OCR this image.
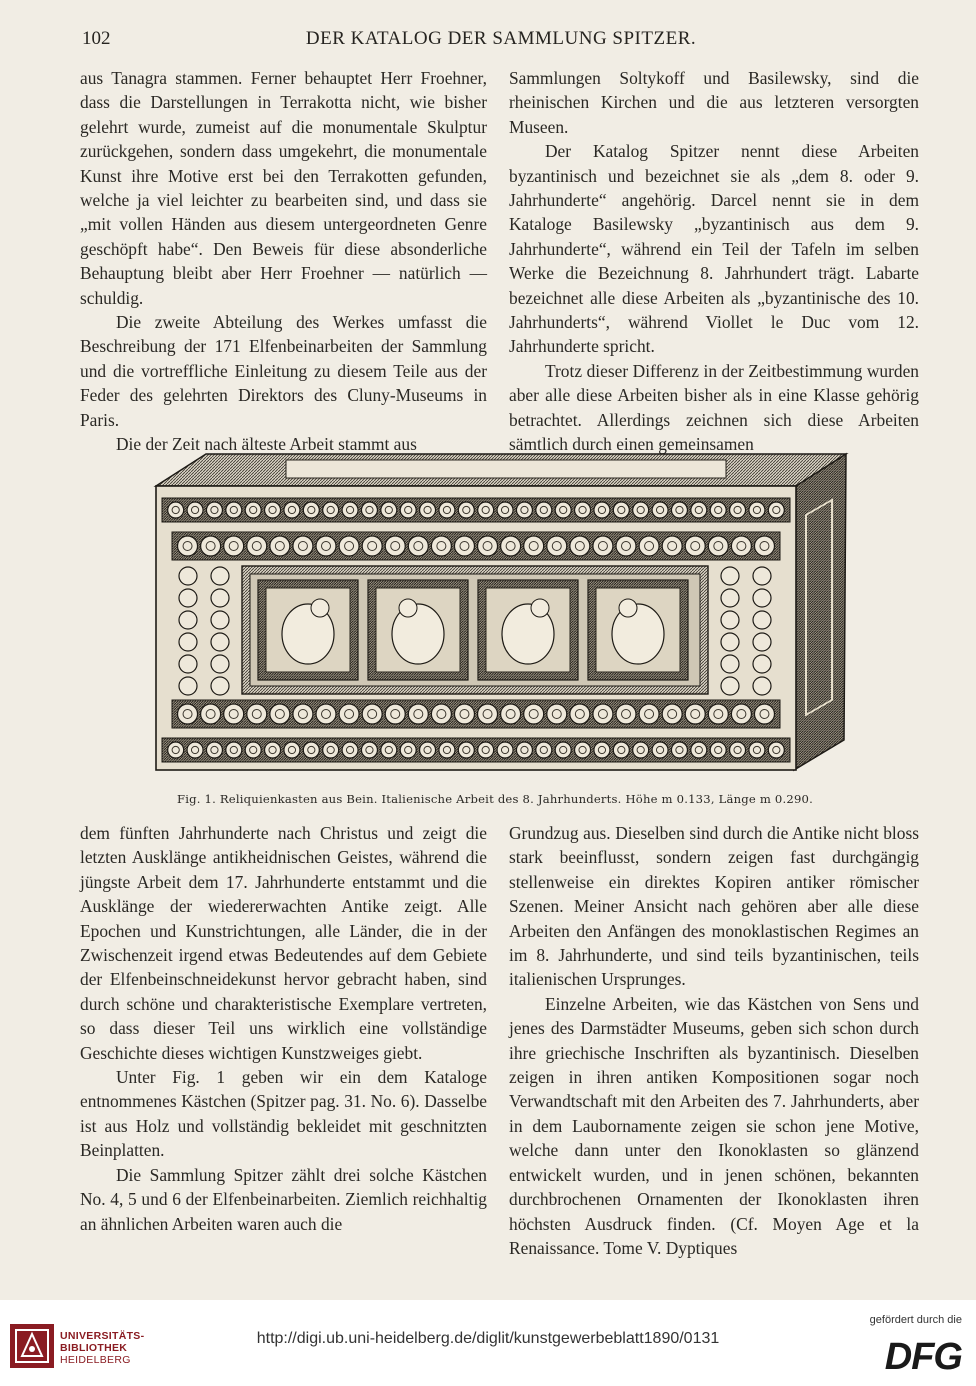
102	DER KATALOG DER SAMMLUNG SPITZER.

aus Tanagra stammen. Ferner behauptet Herr Froehner, dass die Darstellungen in Terrakotta nicht, wie bisher gelehrt wurde, zumeist auf die monumentale Skulptur zurückgehen, sondern dass umgekehrt, die monumentale Kunst ihre Motive erst bei den Terrakotten gefunden, welche ja viel leichter zu bearbeiten sind, und dass sie „mit vollen Händen aus diesem untergeordneten Genre geschöpft habe“. Den Beweis für diese absonderliche Behauptung bleibt aber Herr Froehner — natürlich — schuldig.

Die zweite Abteilung des Werkes umfasst die Beschreibung der 171 Elfenbeinarbeiten der Sammlung und die vortreffliche Einleitung zu diesem Teile aus der Feder des gelehrten Direktors des Cluny-Museums in Paris.

Die der Zeit nach älteste Arbeit stammt aus

Sammlungen Soltykoff und Basilewsky, sind die rheinischen Kirchen und die aus letzteren versorgten Museen.

Der Katalog Spitzer nennt diese Arbeiten byzantinisch und bezeichnet sie als „dem 8. oder 9. Jahrhunderte“ angehörig. Darcel nennt sie in dem Kataloge Basilewsky „byzantinisch aus dem 9. Jahrhunderte“, während ein Teil der Tafeln im selben Werke die Bezeichnung 8. Jahrhundert trägt. Labarte bezeichnet alle diese Arbeiten als „byzantinische des 10. Jahrhunderts“, während Viollet le Duc vom 12. Jahrhunderte spricht.

Trotz dieser Differenz in der Zeitbestimmung wurden aber alle diese Arbeiten bisher als in eine Klasse gehörig betrachtet. Allerdings zeichnen sich diese Arbeiten sämtlich durch einen gemeinsamen

Fig. 1. Reliquienkasten aus Bein. Italienische Arbeit des 8. Jahrhunderts. Höhe m 0.133, Länge m 0.290.

dem fünften Jahrhunderte nach Christus und zeigt die letzten Ausklänge antikheidnischen Geistes, während die jüngste Arbeit dem 17. Jahrhunderte entstammt und die Ausklänge der wiedererwachten Antike zeigt. Alle Epochen und Kunstrichtungen, alle Länder, die in der Zwischenzeit irgend etwas Bedeutendes auf dem Gebiete der Elfenbeinschneidekunst hervor gebracht haben, sind durch schöne und charakteristische Exemplare vertreten, so dass dieser Teil uns wirklich eine vollständige Geschichte dieses wichtigen Kunstzweiges giebt.

Unter Fig. 1 geben wir ein dem Kataloge entnommenes Kästchen (Spitzer pag. 31. No. 6). Dasselbe ist aus Holz und vollständig bekleidet mit geschnitzten Beinplatten.

Die Sammlung Spitzer zählt drei solche Kästchen No. 4, 5 und 6 der Elfenbeinarbeiten. Ziemlich reichhaltig an ähnlichen Arbeiten waren auch die

Grundzug aus. Dieselben sind durch die Antike nicht bloss stark beeinflusst, sondern zeigen fast durchgängig stellenweise ein direktes Kopiren antiker römischer Szenen. Meiner Ansicht nach gehören aber alle diese Arbeiten den Anfängen des monoklastischen Regimes an im 8. Jahrhunderte, und sind teils byzantinischen, teils italienischen Ursprunges.

Einzelne Arbeiten, wie das Kästchen von Sens und jenes des Darmstädter Museums, geben sich schon durch ihre griechische Inschriften als byzantinisch. Dieselben zeigen in ihren antiken Kompositionen sogar noch Verwandtschaft mit den Arbeiten des 7. Jahrhunderts, aber in dem Laubornamente zeigen sie schon jene Motive, welche dann unter den Ikonoklasten so glänzend entwickelt wurden, und in jenen schönen, bekannten durchbrochenen Ornamenten der Ikonoklasten ihren höchsten Ausdruck finden. (Cf. Moyen Age et la Renaissance. Tome V. Dyptiques

UNIVERSITÄTS-
BIBLIOTHEK
HEIDELBERG
http://digi.ub.uni-heidelberg.de/diglit/kunstgewerbeblatt1890/0131
gefördert durch die
DFG
